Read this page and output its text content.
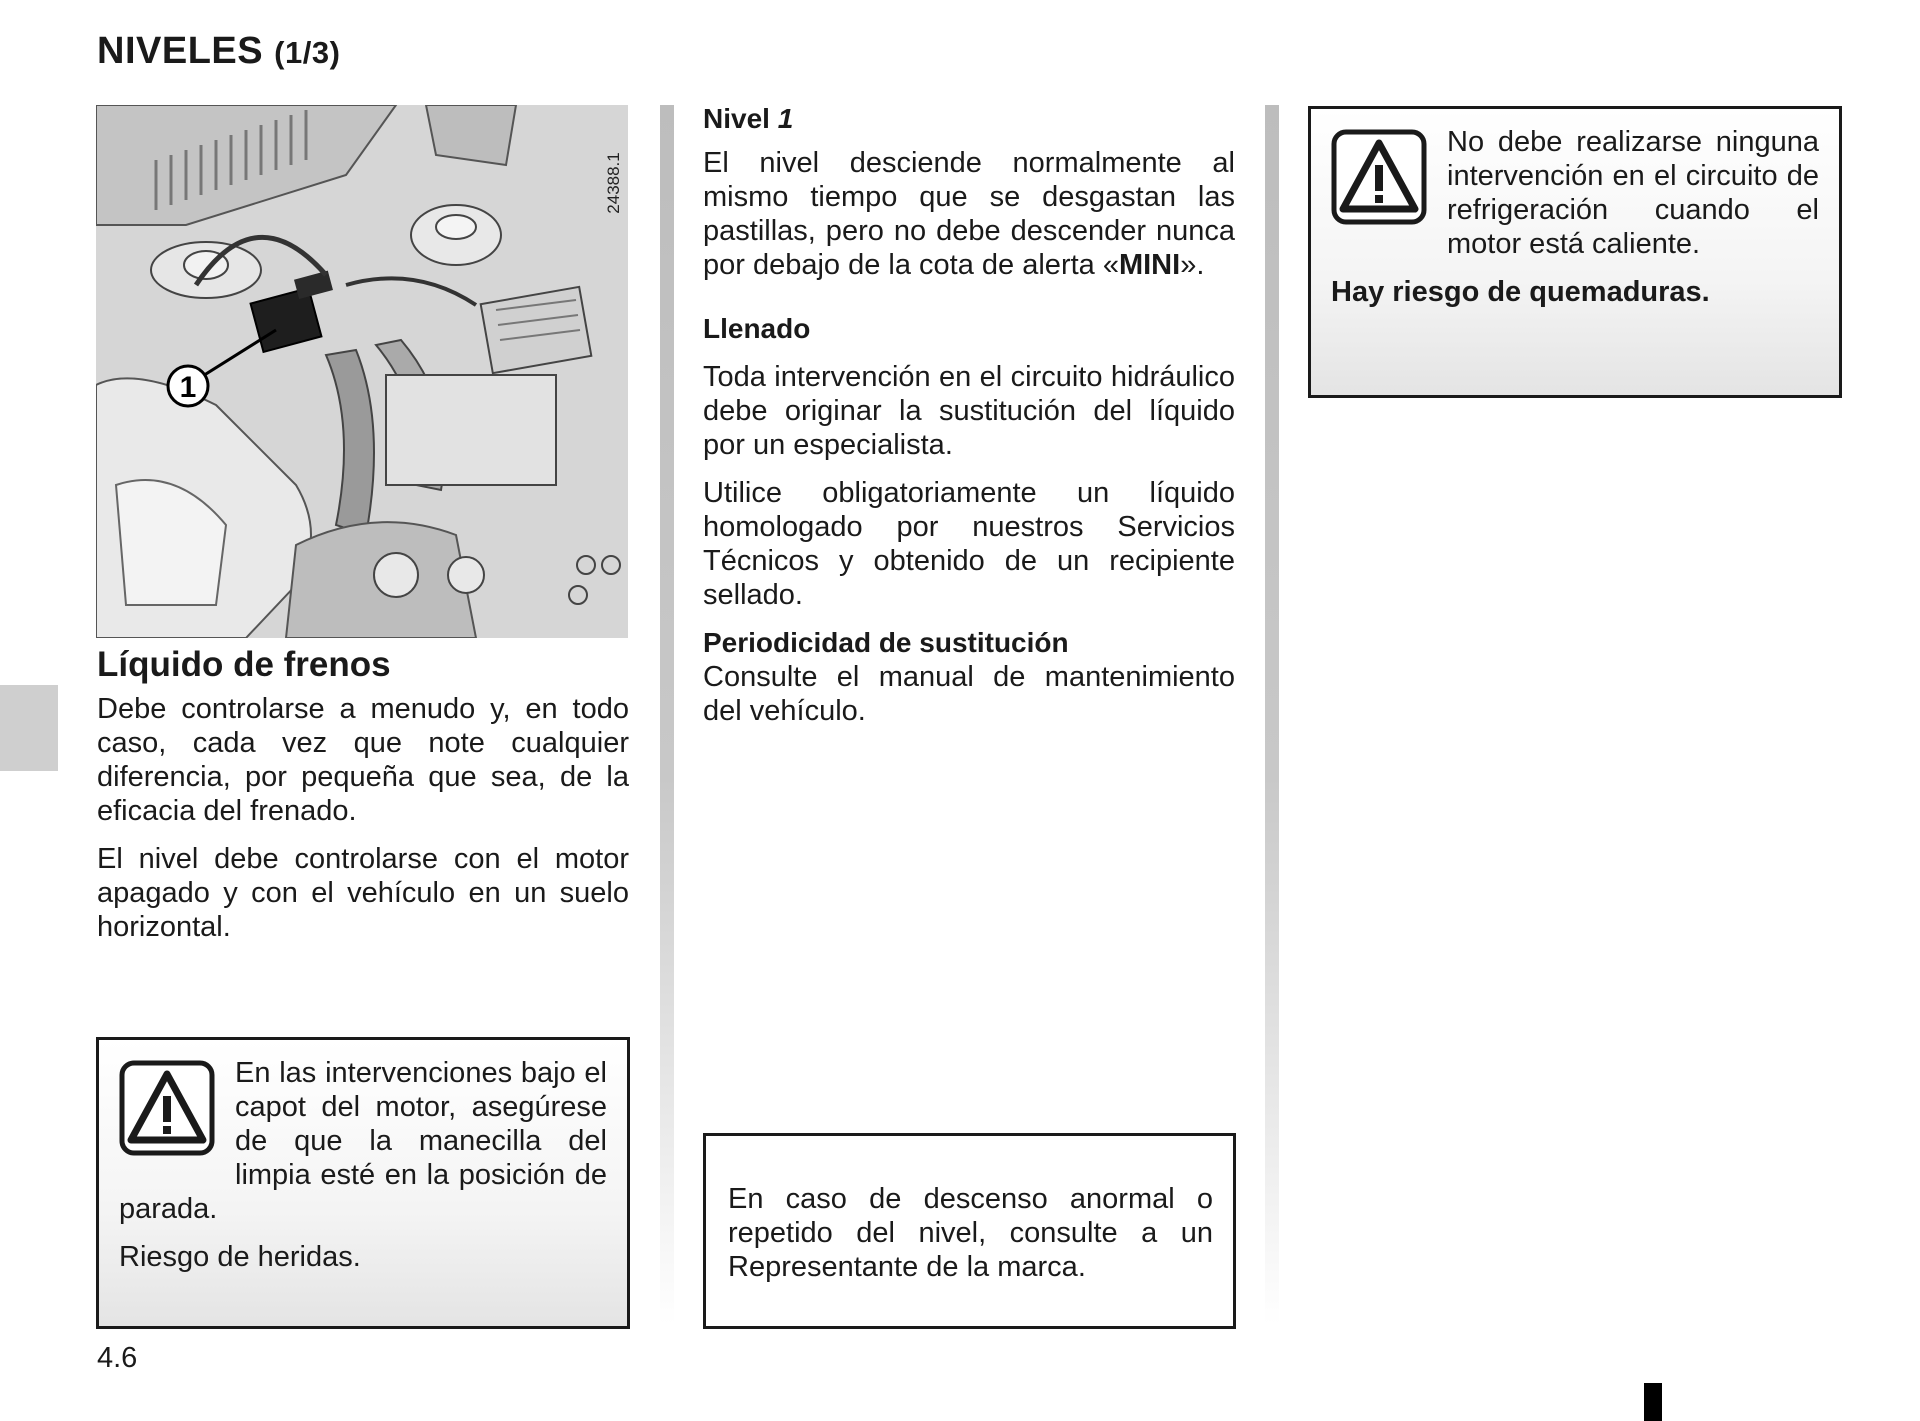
NIVELES (1/3)
1
24388.1
Líquido de frenos

Debe controlarse a menudo y, en todo caso, cada vez que note cualquier diferencia, por pequeña que sea, de la eficacia del frenado.

El nivel debe controlarse con el motor apagado y con el vehículo en un suelo horizontal.

En las intervenciones bajo el capot del motor, asegúrese de que la manecilla del limpia esté en la posición de parada.

Riesgo de heridas.

Nivel 1

El nivel desciende normalmente al mismo tiempo que se desgastan las pastillas, pero no debe descender nunca por debajo de la cota de alerta «MINI».

Llenado

Toda intervención en el circuito hidráulico debe originar la sustitución del líquido por un especialista.

Utilice obligatoriamente un líquido homologado por nuestros Servicios Técnicos y obtenido de un recipiente sellado.

Periodicidad de sustitución

Consulte el manual de mantenimiento del vehículo.

En caso de descenso anormal o repetido del nivel, consulte a un Representante de la marca.

No debe realizarse ninguna intervención en el circuito de refrigeración cuando el motor está caliente.

Hay riesgo de quemaduras.

4.6
